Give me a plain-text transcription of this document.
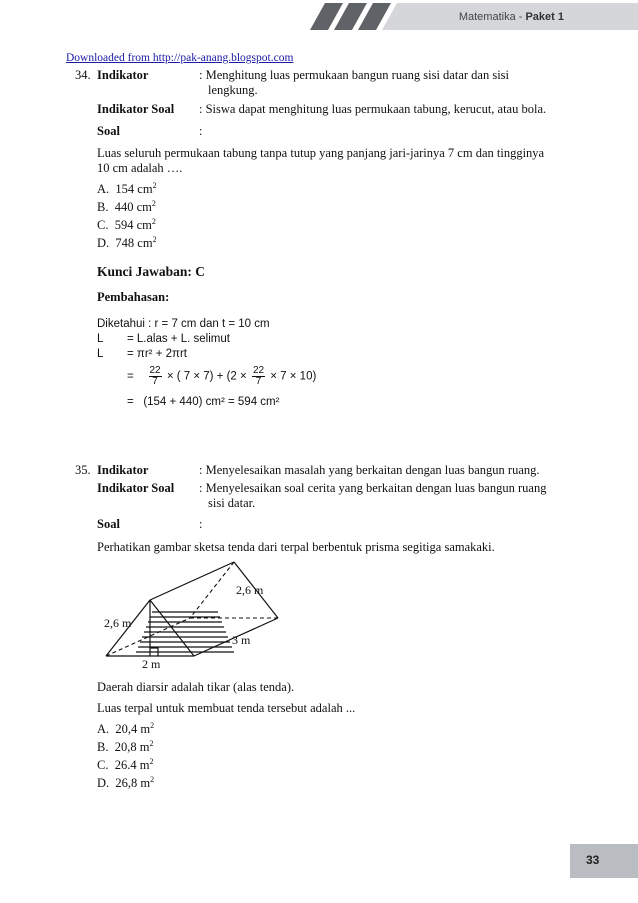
Matematika - Paket 1
Downloaded from http://pak-anang.blogspot.com
34. Indikator	: Menghitung luas permukaan bangun ruang sisi datar dan sisi
lengkung.
Indikator Soal : Siswa dapat menghitung luas permukaan tabung, kerucut, atau bola.
Soal	:
Luas seluruh permukaan tabung tanpa tutup yang panjang jari-jarinya 7 cm dan tingginya
10 cm adalah ….
A. 154 $cm^2$
B. 440 $cm^2$
C. 594 $cm^2$
D. 748 $cm^2$
Kunci Jawaban: C
Pembahasan:
Diketahui : r = 7 cm dan t = 10 cm
L = L.alas + L. selimut
L = πr² + 2πrt
= $\frac{22}{7}$ × ( $7 \times 7) + (2 \times \frac{22}{7} \times 7 \times 10)$
= (154 + 440) cm² = 594 cm²
35. Indikator	: Menyelesaikan masalah yang berkaitan dengan luas bangun ruang.
Indikator Soal : Menyelesaikan soal cerita yang berkaitan dengan luas bangun ruang
sisi datar.
Soal	:
Perhatikan gambar sketsa tenda dari terpal berbentuk prisma segitiga samakaki.
2,6 m
2,6 m
3 m
2 m
Daerah diarsir adalah tikar (alas tenda).
Luas terpal untuk membuat tenda tersebut adalah ...
A. 20,4 $m^2$
B. 20,8 $m^2$
C. 26.4 $m^2$
D. 26,8 $m^2$
33
